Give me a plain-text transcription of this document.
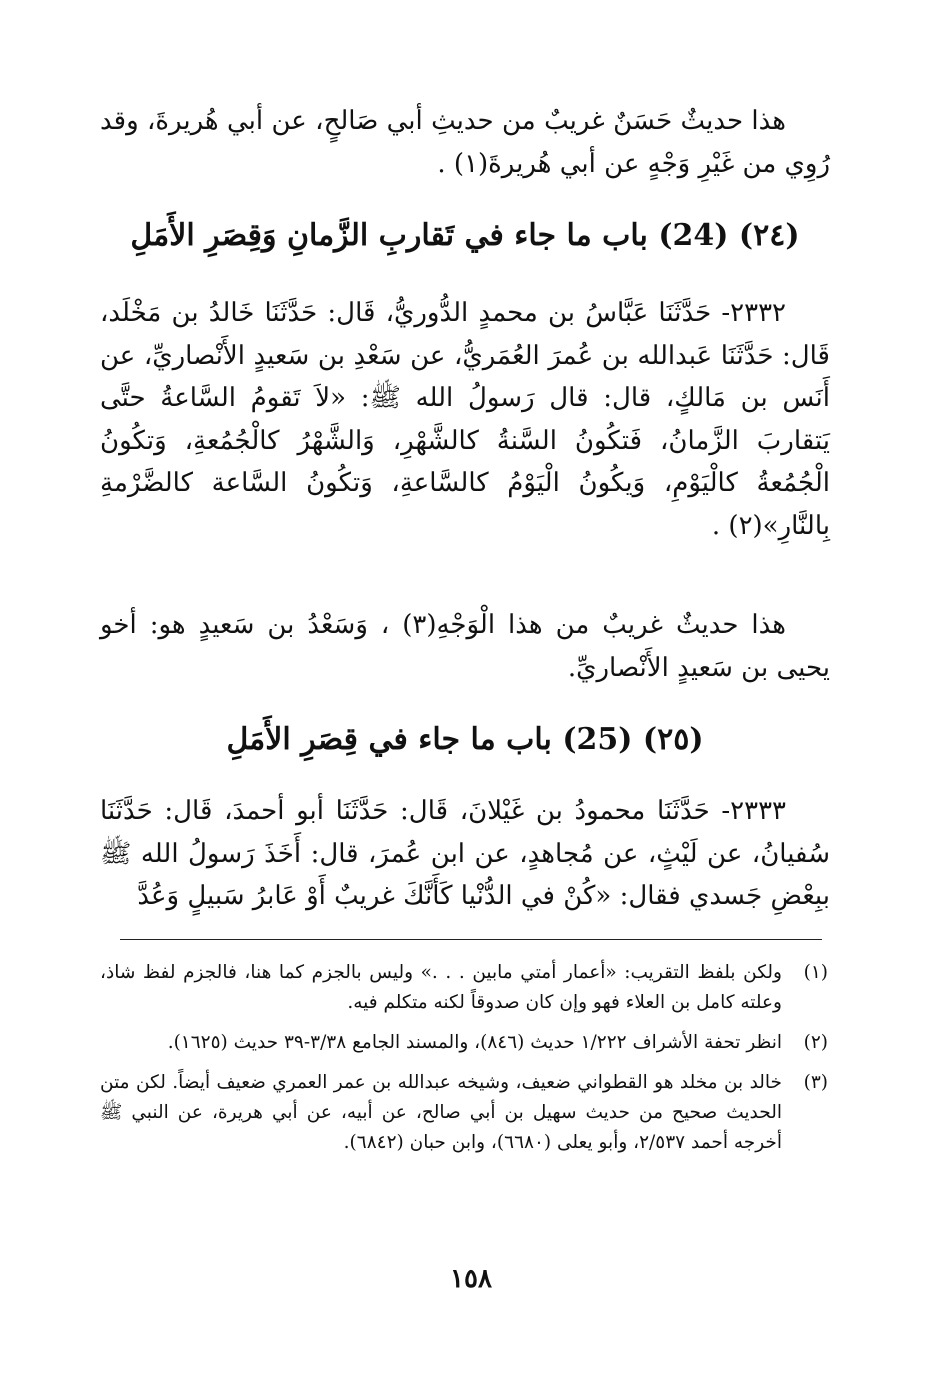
هذا حديثٌ حَسَنٌ غريبٌ من حديثِ أبي صَالحٍ، عن أبي هُريرةَ، وقد رُوِي من غَيْرِ وَجْهٍ عن أبي هُريرةَ(١) .

(٢٤) (24) باب ما جاء في تَقاربِ الزَّمانِ وَقِصَرِ الأَمَلِ

٢٣٣٢- حَدَّثَنَا عَبَّاسُ بن محمدٍ الدُّوريُّ، قَال: حَدَّثَنَا خَالدُ بن مَخْلَد، قَال: حَدَّثَنَا عَبدالله بن عُمرَ العُمَريُّ، عن سَعْدِ بن سَعيدٍ الأَنْصاريِّ، عن أَنَس بن مَالكٍ، قال: قال رَسولُ الله ﷺ: «لاَ تَقومُ السَّاعةُ حتَّى يَتقاربَ الزَّمانُ، فَتكُونُ السَّنةُ كالشَّهْرِ، وَالشَّهْرُ كالْجُمُعةِ، وَتكُونُ الْجُمُعةُ كالْيَوْمِ، وَيكُونُ الْيَوْمُ كالسَّاعةِ، وَتكُونُ السَّاعة كالضَّرْمةِ بِالنَّارِ»(٢) .

هذا حديثٌ غريبٌ من هذا الْوَجْهِ(٣) ، وَسَعْدُ بن سَعيدٍ هو: أخو يحيى بن سَعيدٍ الأَنْصاريِّ.

(٢٥) (25) باب ما جاء في قِصَرِ الأَمَلِ

٢٣٣٣- حَدَّثَنَا محمودُ بن غَيْلانَ، قَال: حَدَّثَنَا أبو أحمدَ، قَال: حَدَّثَنَا سُفيانُ، عن لَيْثٍ، عن مُجاهدٍ، عن ابن عُمرَ، قال: أَخَذَ رَسولُ الله ﷺ ببِعْضِ جَسدي فقال: «كُنْ في الدُّنْيا كَأَنَّكَ غريبٌ أَوْ عَابرُ سَبيلٍ وَعُدَّ

(١)
ولكن بلفظ التقريب: «أعمار أمتي مابين . . .» وليس بالجزم كما هنا، فالجزم لفظ شاذ، وعلته كامل بن العلاء فهو وإن كان صدوقاً لكنه متكلم فيه.
(٢)
انظر تحفة الأشراف ١/٢٢٢ حديث (٨٤٦)، والمسند الجامع ٣/٣٨-٣٩ حديث (١٦٢٥).
(٣)
خالد بن مخلد هو القطواني ضعيف، وشيخه عبدالله بن عمر العمري ضعيف أيضاً. لكن متن الحديث صحيح من حديث سهيل بن أبي صالح، عن أبيه، عن أبي هريرة، عن النبي ﷺ أخرجه أحمد ٢/٥٣٧، وأبو يعلى (٦٦٨٠)، وابن حبان (٦٨٤٢).
١٥٨
